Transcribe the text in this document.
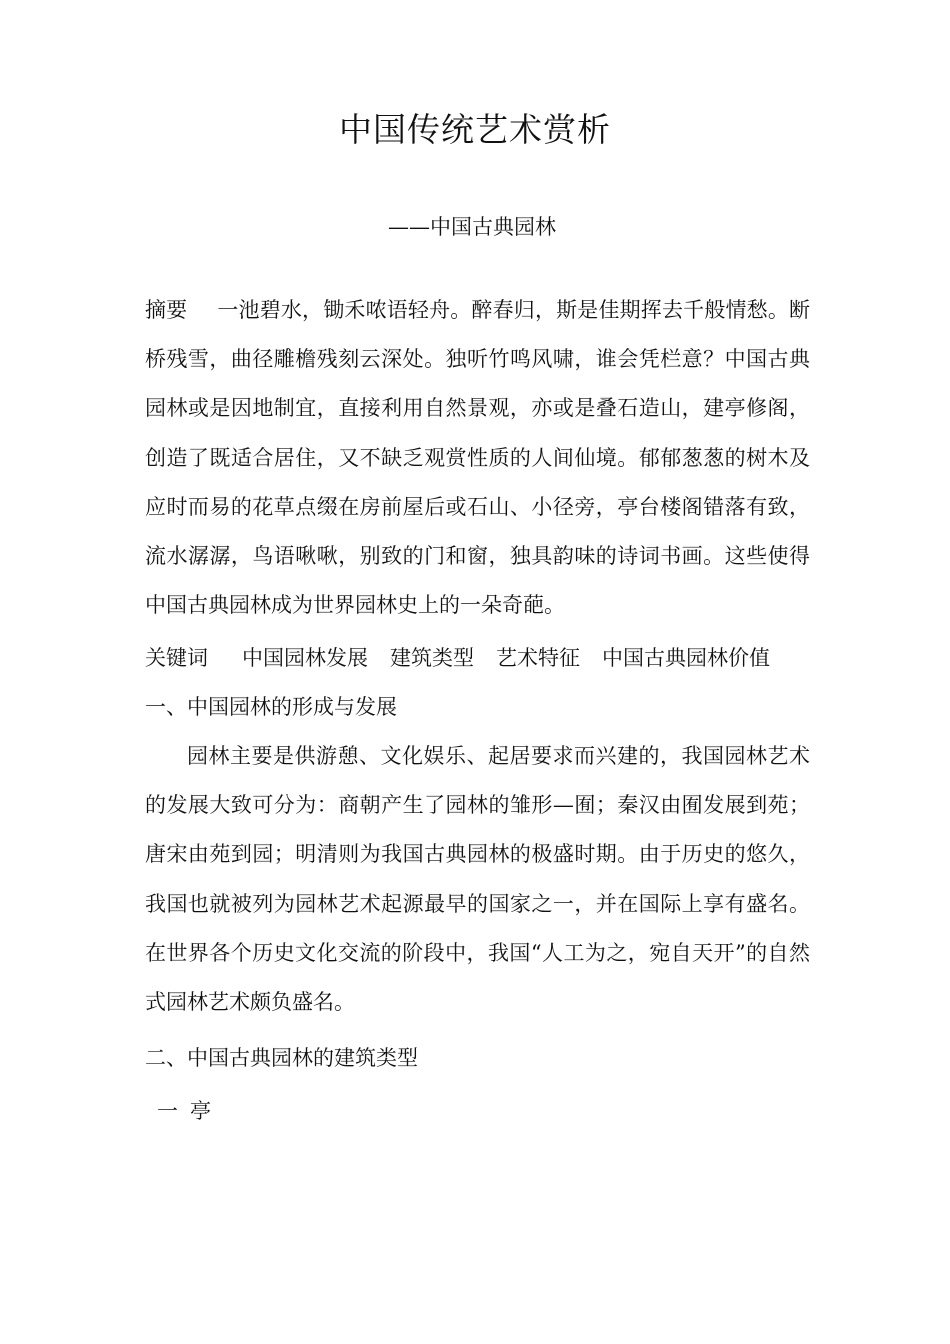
中国传统艺术赏析
——中国古典园林
摘要 一池碧水，锄禾哝语轻舟。醉春归，斯是佳期挥去千般情愁。断桥残雪，曲径雕檐残刻云深处。独听竹鸣风啸，谁会凭栏意？中国古典园林或是因地制宜，直接利用自然景观，亦或是叠石造山，建亭修阁，创造了既适合居住，又不缺乏观赏性质的人间仙境。郁郁葱葱的树木及应时而易的花草点缀在房前屋后或石山、小径旁，亭台楼阁错落有致，流水潺潺，鸟语啾啾，别致的门和窗，独具韵味的诗词书画。这些使得中国古典园林成为世界园林史上的一朵奇葩。
关键词 中国园林发展 建筑类型 艺术特征 中国古典园林价值
一、中国园林的形成与发展
园林主要是供游憩、文化娱乐、起居要求而兴建的，我国园林艺术的发展大致可分为：商朝产生了园林的雏形—囿；秦汉由囿发展到苑；唐宋由苑到园；明清则为我国古典园林的极盛时期。由于历史的悠久，我国也就被列为园林艺术起源最早的国家之一，并在国际上享有盛名。在世界各个历史文化交流的阶段中，我国“人工为之，宛自天开”的自然式园林艺术颇负盛名。
二、中国古典园林的建筑类型
一 亭
